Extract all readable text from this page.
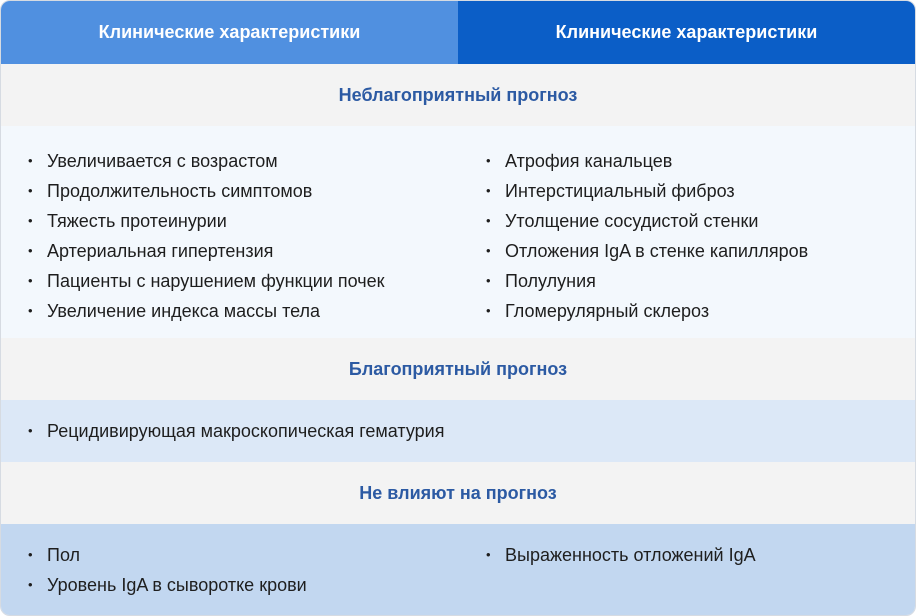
Клинические характеристики	Клинические характеристики
Неблагоприятный прогноз
• Увеличивается с возрастом
• Продолжительность симптомов
• Тяжесть протеинурии
• Артериальная гипертензия
• Пациенты с нарушением функции почек
• Увеличение индекса массы тела
• Атрофия канальцев
• Интерстициальный фиброз
• Утолщение сосудистой стенки
• Отложения IgA в стенке капилляров
• Полулуния
• Гломерулярный склероз
Благоприятный прогноз
• Рецидивирующая макроскопическая гематурия
Не влияют на прогноз
• Пол
• Уровень IgA в сыворотке крови
• Выраженность отложений IgA
